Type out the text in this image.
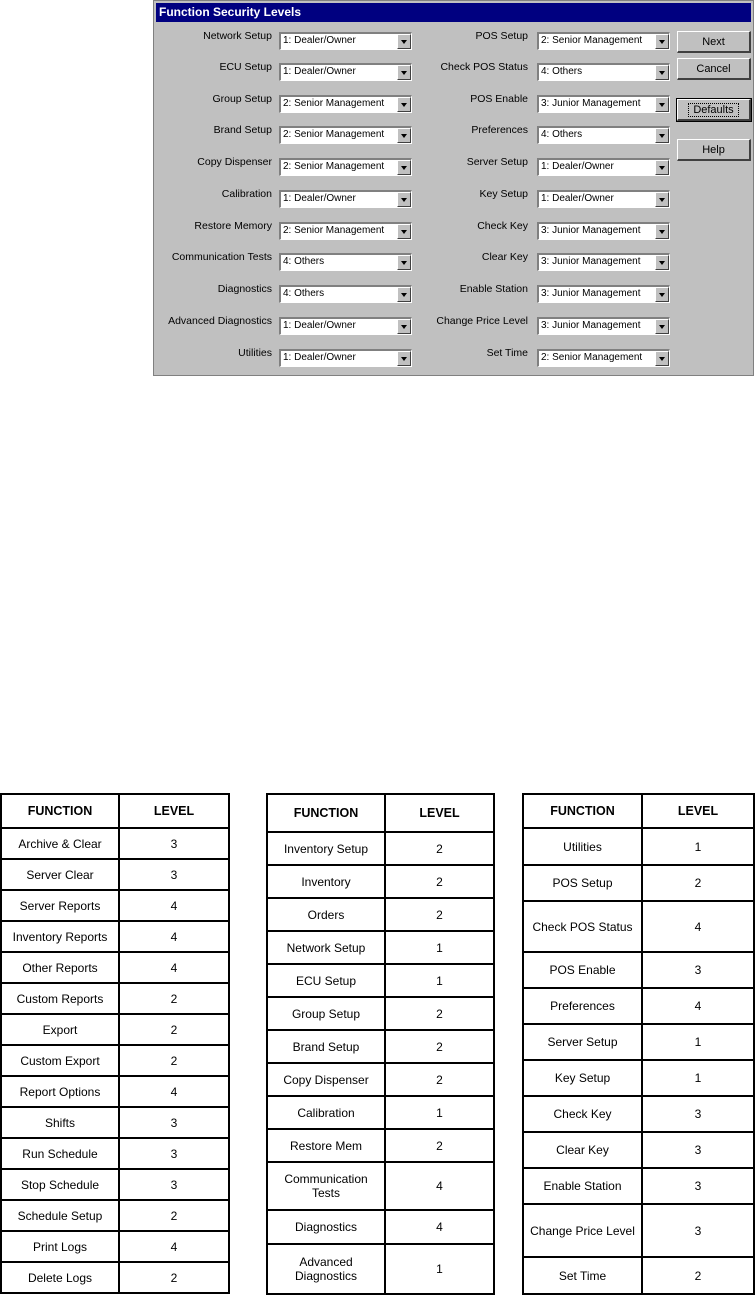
Function Security Levels
Network Setup 1: Dealer/Owner
ECU Setup 1: Dealer/Owner
Group Setup 2: Senior Management
Brand Setup 2: Senior Management
Copy Dispenser 2: Senior Management
Calibration 1: Dealer/Owner
Restore Memory 2: Senior Management
Communication Tests 4: Others
Diagnostics 4: Others
Advanced Diagnostics 1: Dealer/Owner
Utilities 1: Dealer/Owner
POS Setup 2: Senior Management
Check POS Status 4: Others
POS Enable 3: Junior Management
Preferences 4: Others
Server Setup 1: Dealer/Owner
Key Setup 1: Dealer/Owner
Check Key 3: Junior Management
Clear Key 3: Junior Management
Enable Station 3: Junior Management
Change Price Level 3: Junior Management
Set Time 2: Senior Management
Next
Cancel
Defaults
Help
FUNCTION	LEVEL
Archive & Clear	3
Server Clear	3
Server Reports	4
Inventory Reports	4
Other Reports	4
Custom Reports	2
Export	2
Custom Export	2
Report Options	4
Shifts	3
Run Schedule	3
Stop Schedule	3
Schedule Setup	2
Print Logs	4
Delete Logs	2
FUNCTION	LEVEL
Inventory Setup	2
Inventory	2
Orders	2
Network Setup	1
ECU Setup	1
Group Setup	2
Brand Setup	2
Copy Dispenser	2
Calibration	1
Restore Mem	2
Communication Tests	4
Diagnostics	4
Advanced Diagnostics	1
FUNCTION	LEVEL
Utilities	1
POS Setup	2
Check POS Status	4
POS Enable	3
Preferences	4
Server Setup	1
Key Setup	1
Check Key	3
Clear Key	3
Enable Station	3
Change Price Level	3
Set Time	2
